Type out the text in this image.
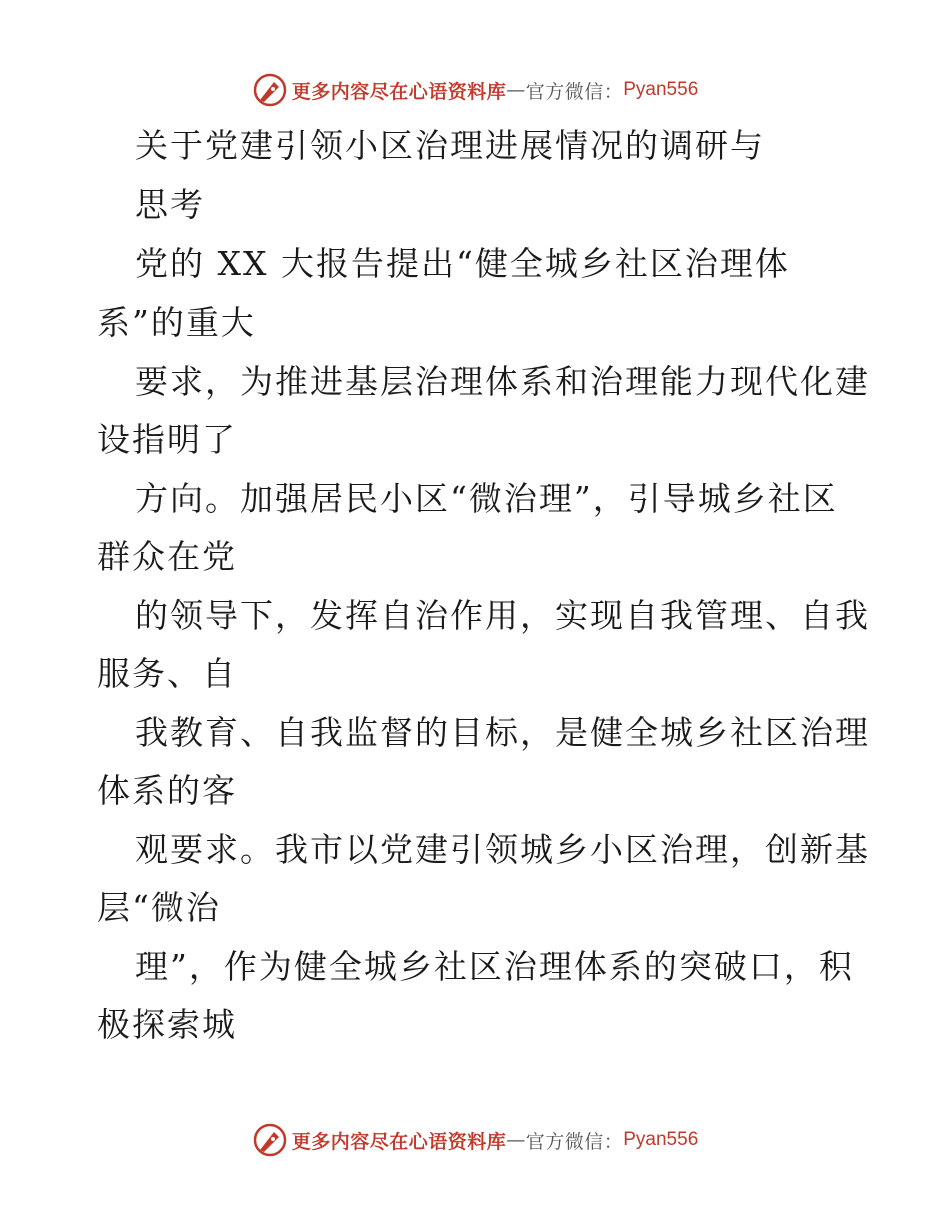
更多内容尽在心语资料库 — 官方微信： Pyan556
关于党建引领小区治理进展情况的调研与
思考
党的 XX 大报告提出“健全城乡社区治理体
系”的重大
要求，为推进基层治理体系和治理能力现代化建
设指明了
方向。加强居民小区“微治理”，引导城乡社区
群众在党
的领导下，发挥自治作用，实现自我管理、自我
服务、自
我教育、自我监督的目标，是健全城乡社区治理
体系的客
观要求。我市以党建引领城乡小区治理，创新基
层“微治
理”，作为健全城乡社区治理体系的突破口，积
极探索城
更多内容尽在心语资料库 — 官方微信： Pyan556
